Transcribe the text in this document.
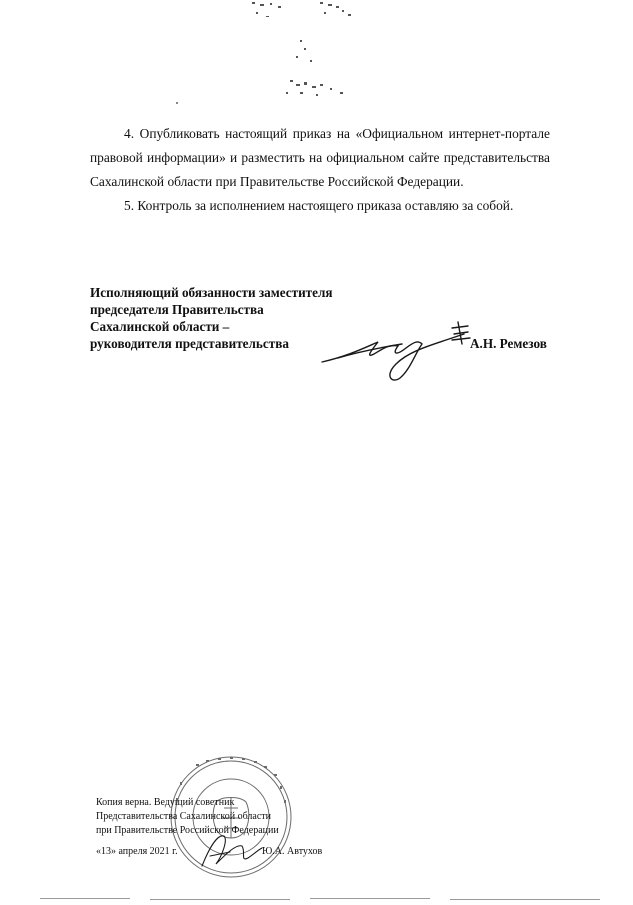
4. Опубликовать настоящий приказ на «Официальном интернет-портале правовой информации» и разместить на официальном сайте представительства Сахалинской области при Правительстве Российской Федерации.

5. Контроль за исполнением настоящего приказа оставляю за собой.

Исполняющий обязанности заместителя
председателя Правительства
Сахалинской области –
руководителя представительства	А.Н. Ремезов
Копия верна. Ведущий советник
Представительства Сахалинской области
при Правительстве Российской Федерации
«13» апреля 2021 г.	Ю.А. Автухов
